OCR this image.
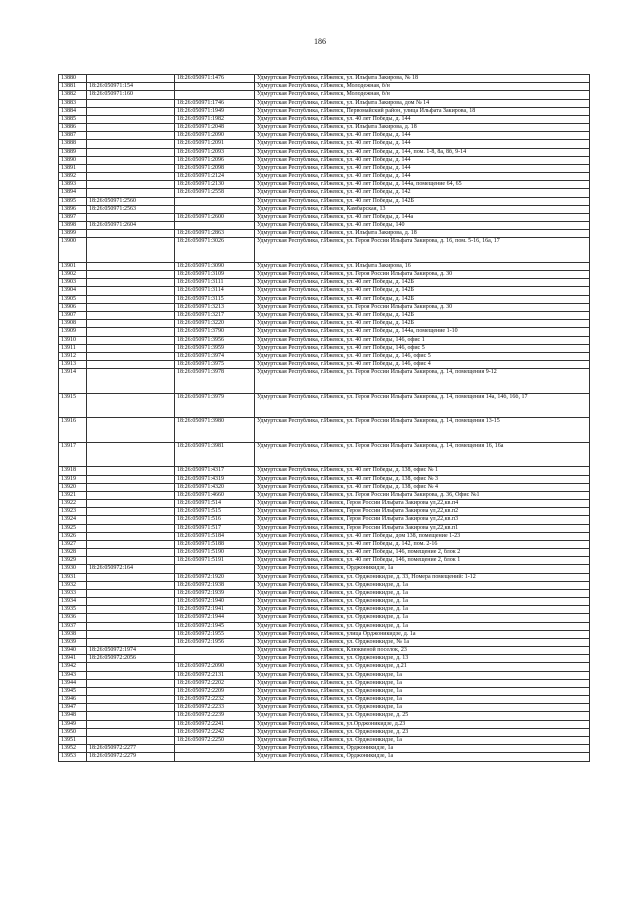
186
13880		18:26:050971:1476	Удмуртская Республика, г.Ижевск, ул. Ильфата Закирова, № 18
13881	18:26:050971:154		Удмуртская Республика, г.Ижевск, Молодежная, б/н
13882	18:26:050971:160		Удмуртская Республика, г.Ижевск, Молодежная, б/н
13883		18:26:050971:1746	Удмуртская Республика, г.Ижевск, ул. Ильфата Закирова, дом № 14
13884		18:26:050971:1949	Удмуртская Республика, г.Ижевск, Первомайский район, улица Ильфата Закирова, 18
13885		18:26:050971:1982	Удмуртская Республика, г.Ижевск, ул. 40 лет Победы, д. 144
13886		18:26:050971:2048	Удмуртская Республика, г.Ижевск, ул. Ильфата Закирова, д. 18
13887		18:26:050971:2090	Удмуртская Республика, г.Ижевск, ул. 40 лет Победы, д. 144
13888		18:26:050971:2091	Удмуртская Республика, г.Ижевск, ул. 40 лет Победы, д. 144
13889		18:26:050971:2093	Удмуртская Республика, г.Ижевск, ул. 40 лет Победы, д. 144, пом. 1-8, 8а, 8б, 9-14
13890		18:26:050971:2096	Удмуртская Республика, г.Ижевск, ул. 40 лет Победы, д. 144
13891		18:26:050971:2098	Удмуртская Республика, г.Ижевск, ул. 40 лет Победы, д. 144
13892		18:26:050971:2124	Удмуртская Республика, г.Ижевск, ул. 40 лет Победы, д. 144
13893		18:26:050971:2130	Удмуртская Республика, г.Ижевск, ул. 40 лет Победы, д. 144а, помещение 64, 65
13894		18:26:050971:2558	Удмуртская Республика, г.Ижевск, ул. 40 лет Победы, д. 142
13895	18:26:050971:2560		Удмуртская Республика, г.Ижевск, ул. 40 лет Победы, д. 142Б
13896	18:26:050971:2563		Удмуртская Республика, г.Ижевск, Камбарская, 13
13897		18:26:050971:2600	Удмуртская Республика, г.Ижевск, ул. 40 лет Победы, д. 144а
13898	18:26:050971:2604		Удмуртская Республика, г.Ижевск, ул. 40 лет Победы, 140
13899		18:26:050971:2863	Удмуртская Республика, г.Ижевск, ул. Ильфата Закирова, д. 18
13900		18:26:050971:3026	Удмуртская Республика, г.Ижевск, ул. Героя России Ильфата Закирова, д. 16, пом. 5-16, 16а, 17
13901		18:26:050971:3090	Удмуртская Республика, г.Ижевск, ул. Ильфата Закирова, 16
13902		18:26:050971:3109	Удмуртская Республика, г.Ижевск, ул. Героя России Ильфата Закирова, д. 30
13903		18:26:050971:3111	Удмуртская Республика, г.Ижевск, ул. 40 лет Победы, д. 142Б
13904		18:26:050971:3114	Удмуртская Республика, г.Ижевск, ул. 40 лет Победы, д. 142Б
13905		18:26:050971:3115	Удмуртская Республика, г.Ижевск, ул. 40 лет Победы, д. 142Б
13906		18:26:050971:3213	Удмуртская Республика, г.Ижевск, ул. Героя России Ильфата Закирова, д. 30
13907		18:26:050971:3217	Удмуртская Республика, г.Ижевск, ул. 40 лет Победы, д. 142Б
13908		18:26:050971:3220	Удмуртская Республика, г.Ижевск, ул. 40 лет Победы, д. 142Б
13909		18:26:050971:3790	Удмуртская Республика, г.Ижевск, ул. 40 лет Победы, д. 144а, помещение 1-10
13910		18:26:050971:3956	Удмуртская Республика, г.Ижевск, ул. 40 лет Победы, 146, офис 1
13911		18:26:050971:3959	Удмуртская Республика, г.Ижевск, ул. 40 лет Победы, 146, офис 5
13912		18:26:050971:3974	Удмуртская Республика, г.Ижевск, ул. 40 лет Победы, д. 146, офис 5
13913		18:26:050971:3975	Удмуртская Республика, г.Ижевск, ул. 40 лет Победы, д. 146, офис 4
13914		18:26:050971:3978	Удмуртская Республика, г.Ижевск, ул. Героя России Ильфата Закирова, д. 14, помещения 9-12
13915		18:26:050971:3979	Удмуртская Республика, г.Ижевск, ул. Героя России Ильфата Закирова, д. 14, помещения 14а, 14б, 16б, 17
13916		18:26:050971:3980	Удмуртская Республика, г.Ижевск, ул. Героя России Ильфата Закирова, д. 14, помещения 13-15
13917		18:26:050971:3981	Удмуртская Республика, г.Ижевск, ул. Героя России Ильфата Закирова, д. 14, помещения 16, 16а
13918		18:26:050971:4317	Удмуртская Республика, г.Ижевск, ул. 40 лет Победы, д. 138, офис № 1
13919		18:26:050971:4319	Удмуртская Республика, г.Ижевск, ул. 40 лет Победы, д. 138, офис № 3
13920		18:26:050971:4320	Удмуртская Республика, г.Ижевск, ул. 40 лет Победы, д. 138, офис № 4
13921		18:26:050971:4660	Удмуртская Республика, г.Ижевск, ул. Героя России Ильфата Закирова, д. 36, Офис №1
13922		18:26:050971:514	Удмуртская Республика, г.Ижевск, Героя России Ильфата Закирова ул,22,кв.п4
13923		18:26:050971:515	Удмуртская Республика, г.Ижевск, Героя России Ильфата Закирова ул,22,кв.п2
13924		18:26:050971:516	Удмуртская Республика, г.Ижевск, Героя России Ильфата Закирова ул,22,кв.п3
13925		18:26:050971:517	Удмуртская Республика, г.Ижевск, Героя России Ильфата Закирова ул,22,кв.п1
13926		18:26:050971:5184	Удмуртская Республика, г.Ижевск, ул. 40 лет Победы, дом 138, помещение 1-23
13927		18:26:050971:5188	Удмуртская Республика, г.Ижевск, ул. 40 лет Победы, д. 142, пом. 2-16
13928		18:26:050971:5190	Удмуртская Республика, г.Ижевск, ул. 40 лет Победы, 146, помещение 2, блок 2
13929		18:26:050971:5191	Удмуртская Республика, г.Ижевск, ул. 40 лет Победы, 146, помещение 2, блок 1
13930	18:26:050972:164		Удмуртская Республика, г.Ижевск, Орджоникидзе, 1а
13931		18:26:050972:1920	Удмуртская Республика, г.Ижевск, ул. Орджоникидзе, д. 33, Номера помещений: 1-12
13932		18:26:050972:1938	Удмуртская Республика, г.Ижевск, ул. Орджоникидзе, д. 1а
13933		18:26:050972:1939	Удмуртская Республика, г.Ижевск, ул. Орджоникидзе, д. 1а
13934		18:26:050972:1940	Удмуртская Республика, г.Ижевск, ул. Орджоникидзе, д. 1а
13935		18:26:050972:1941	Удмуртская Республика, г.Ижевск, ул. Орджоникидзе, д. 1а
13936		18:26:050972:1944	Удмуртская Республика, г.Ижевск, ул. Орджоникидзе, д. 1а
13937		18:26:050972:1945	Удмуртская Республика, г.Ижевск, ул. Орджоникидзе, д. 1а
13938		18:26:050972:1955	Удмуртская Республика, г.Ижевск, улица Орджоникидзе, д. 1а
13939		18:26:050972:1956	Удмуртская Республика, г.Ижевск, ул. Орджоникидзе, № 1а
13940	18:26:050972:1974		Удмуртская Республика, г.Ижевск, Клюквеной поселок, 23
13941	18:26:050972:2056		Удмуртская Республика, г.Ижевск, ул. Орджоникидзе, д. 13
13942		18:26:050972:2090	Удмуртская Республика, г.Ижевск, ул. Орджоникидзе, д.21
13943		18:26:050972:2131	Удмуртская Республика, г.Ижевск, ул. Орджоникидзе, 1а
13944		18:26:050972:2202	Удмуртская Республика, г.Ижевск, ул. Орджоникидзе, 1а
13945		18:26:050972:2209	Удмуртская Республика, г.Ижевск, ул. Орджоникидзе, 1а
13946		18:26:050972:2232	Удмуртская Республика, г.Ижевск, ул. Орджоникидзе, 1а
13947		18:26:050972:2233	Удмуртская Республика, г.Ижевск, ул. Орджоникидзе, 1а
13948		18:26:050972:2239	Удмуртская Республика, г.Ижевск, ул. Орджоникидзе, д. 25
13949		18:26:050972:2241	Удмуртская Республика, г.Ижевск, ул.Орджоникидзе, д.23
13950		18:26:050972:2242	Удмуртская Республика, г.Ижевск, ул. Орджоникидзе, д. 23
13951		18:26:050972:2250	Удмуртская Республика, г.Ижевск, ул. Орджоникидзе, 1а
13952	18:26:050972:2277		Удмуртская Республика, г.Ижевск, Орджоникидзе, 1а
13953	18:26:050972:2279		Удмуртская Республика, г.Ижевск, Орджоникидзе, 1а
